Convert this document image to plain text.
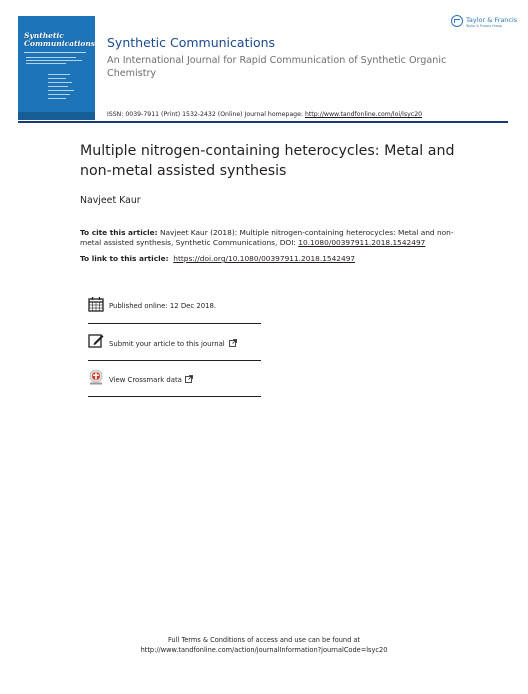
Synthetic Communications
Taylor & Francis
Taylor & Francis Group
Synthetic Communications
An International Journal for Rapid Communication of Synthetic Organic Chemistry
ISSN: 0039-7911 (Print) 1532-2432 (Online) Journal homepage: http://www.tandfonline.com/loi/lsyc20
Multiple nitrogen-containing heterocycles: Metal and non-metal assisted synthesis
Navjeet Kaur
To cite this article: Navjeet Kaur (2018): Multiple nitrogen-containing heterocycles: Metal and non-metal assisted synthesis, Synthetic Communications, DOI: 10.1080/00397911.2018.1542497
To link to this article: https://doi.org/10.1080/00397911.2018.1542497
Published online: 12 Dec 2018.
Submit your article to this journal
View Crossmark data
Full Terms & Conditions of access and use can be found at
http://www.tandfonline.com/action/journalInformation?journalCode=lsyc20
